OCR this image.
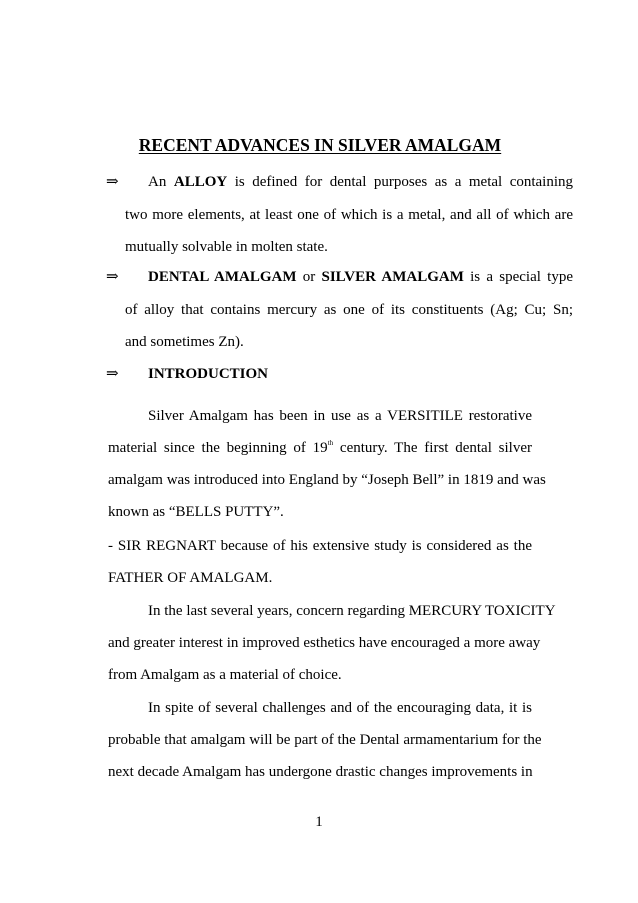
RECENT ADVANCES IN SILVER AMALGAM
⇒ An ALLOY is defined for dental purposes as a metal containing
two more elements, at least one of which is a metal, and all of which are
mutually solvable in molten state.
⇒ DENTAL AMALGAM or SILVER AMALGAM is a special type
of alloy that contains mercury as one of its constituents (Ag; Cu; Sn;
and sometimes Zn).
⇒ INTRODUCTION
Silver Amalgam has been in use as a VERSITILE restorative
material since the beginning of 19th century. The first dental silver
amalgam was introduced into England by “Joseph Bell” in 1819 and was
known as “BELLS PUTTY”.
- SIR REGNART because of his extensive study is considered as the
FATHER OF AMALGAM.
In the last several years, concern regarding MERCURY TOXICITY
and greater interest in improved esthetics have encouraged a more away
from Amalgam as a material of choice.
In spite of several challenges and of the encouraging data, it is
probable that amalgam will be part of the Dental armamentarium for the
next decade Amalgam has undergone drastic changes improvements in
1
